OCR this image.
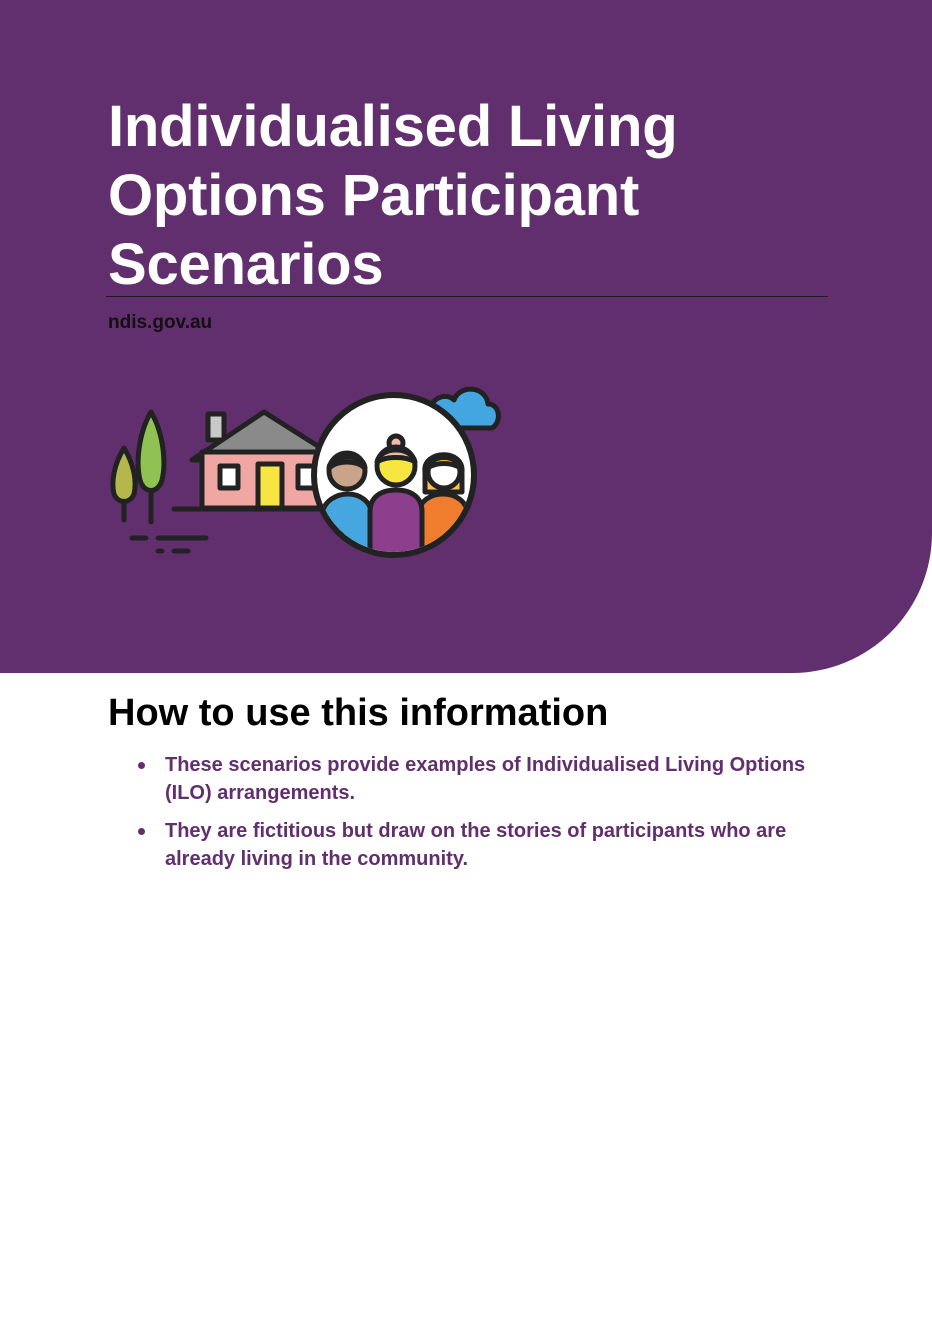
Individualised Living Options Participant Scenarios
ndis.gov.au
How to use this information
These scenarios provide examples of Individualised Living Options (ILO) arrangements.
They are fictitious but draw on the stories of participants who are already living in the community.
